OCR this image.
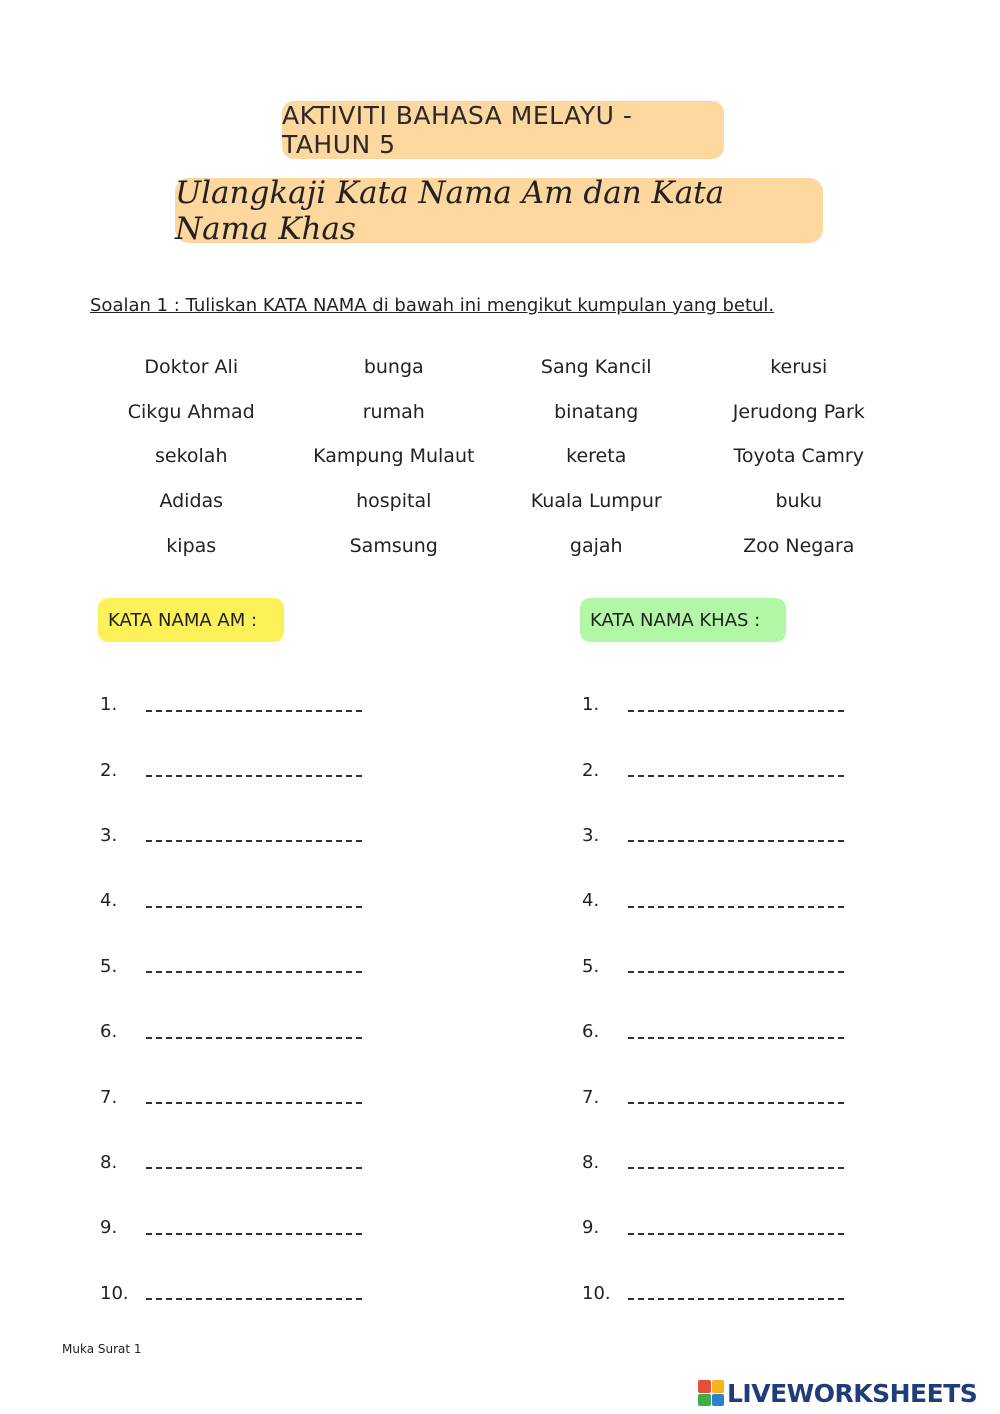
AKTIVITI BAHASA MELAYU - TAHUN 5
Ulangkaji Kata Nama Am dan Kata Nama Khas
Soalan 1 : Tuliskan KATA NAMA di bawah ini mengikut kumpulan yang betul.
Doktor Ali	bunga	Sang Kancil	kerusi
Cikgu Ahmad	rumah	binatang	Jerudong Park
sekolah	Kampung Mulaut	kereta	Toyota Camry
Adidas	hospital	Kuala Lumpur	buku
kipas	Samsung	gajah	Zoo Negara
KATA NAMA AM :	KATA NAMA KHAS :
1.
2.
3.
4.
5.
6.
7.
8.
9.
10.
1.
2.
3.
4.
5.
6.
7.
8.
9.
10.
Muka Surat 1
LIVEWORKSHEETS
